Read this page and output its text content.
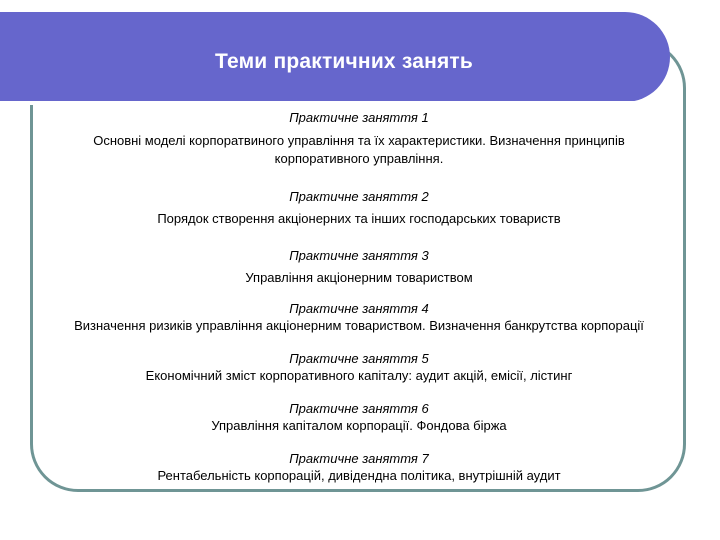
Теми практичних занять
Практичне заняття 1
Основні моделі корпоратвиного управління та їх характеристики. Визначення принципів корпоративного управління.
Практичне заняття 2
Порядок створення акціонерних та інших господарських товариств
Практичне заняття 3
Управління акціонерним товариством
Практичне заняття 4
Визначення ризиків управління акціонерним товариством. Визначення банкрутства корпорації
Практичне заняття 5
Економічний зміст корпоративного капіталу: аудит акцій, емісії, лістинг
Практичне заняття 6
Управління капіталом корпорації. Фондова біржа
Практичне заняття 7
Рентабельність корпорацій, дивідендна політика, внутрішній аудит
